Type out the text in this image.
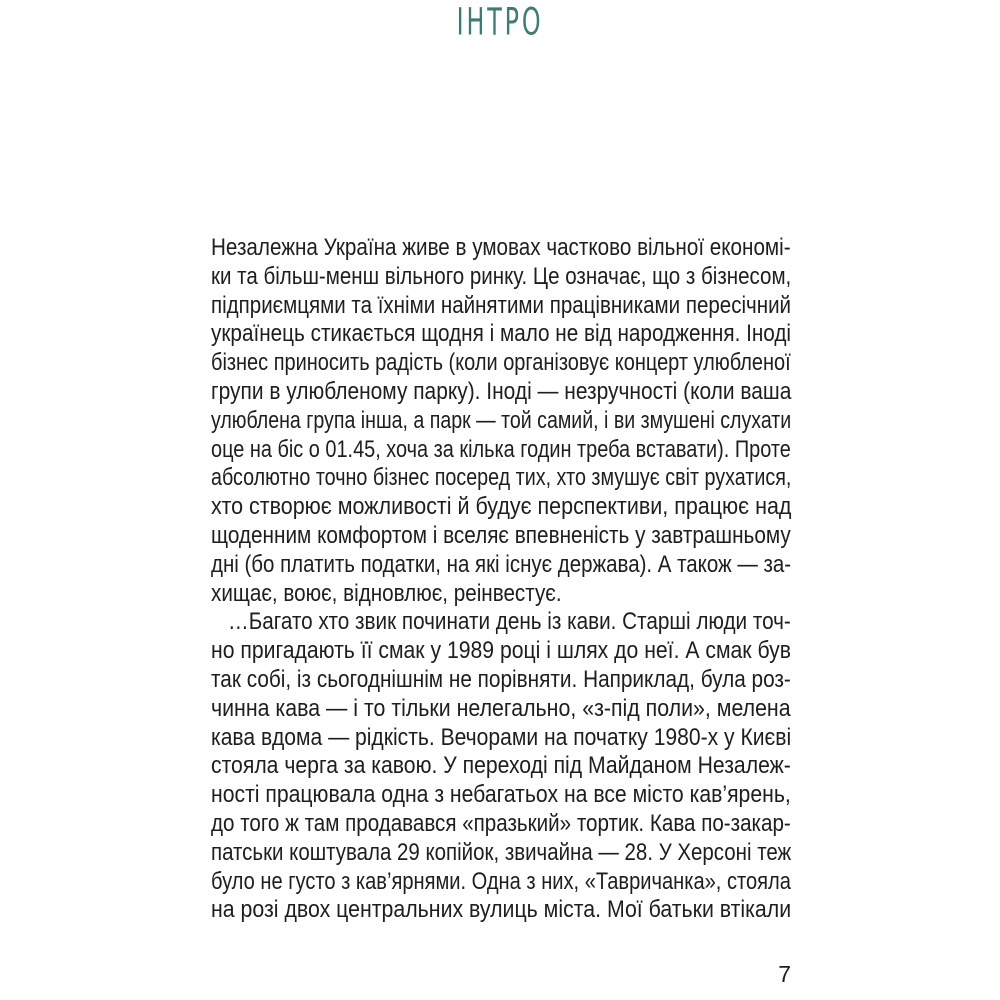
ІНТРО
Незалежна Україна живе в умовах частково вільної економі-
ки та більш-менш вільного ринку. Це означає, що з бізнесом,
підприємцями та їхніми найнятими працівниками пересічний
українець стикається щодня і мало не від народження. Іноді
бізнес приносить радість (коли організовує концерт улюбленої
групи в улюбленому парку). Іноді — незручності (коли ваша
улюблена група інша, а парк — той самий, і ви змушені слухати
оце на біс о 01.45, хоча за кілька годин треба вставати). Проте
абсолютно точно бізнес посеред тих, хто змушує світ рухатися,
хто створює можливості й будує перспективи, працює над
щоденним комфортом і вселяє впевненість у завтрашньому
дні (бо платить податки, на які існує держава). А також — за-
хищає, воює, відновлює, реінвестує.
…Багато хто звик починати день із кави. Старші люди точ-
но пригадають її смак у 1989 році і шлях до неї. А смак був
так собі, із сьогоднішнім не порівняти. Наприклад, була роз-
чинна кава — і то тільки нелегально, «з-під поли», мелена
кава вдома — рідкість. Вечорами на початку 1980-х у Києві
стояла черга за кавою. У переході під Майданом Незалеж-
ності працювала одна з небагатьох на все місто кав’ярень,
до того ж там продавався «празький» тортик. Кава по-закар-
патськи коштувала 29 копійок, звичайна — 28. У Херсоні теж
було не густо з кав’ярнями. Одна з них, «Тавричанка», стояла
на розі двох центральних вулиць міста. Мої батьки втікали
7
